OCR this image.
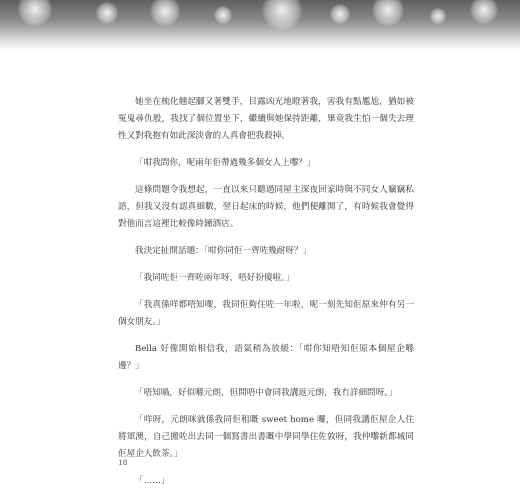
她坐在梳化翹起腳又著雙手，目露凶光地瞪著我，害我有點尷尬，猶如被冤鬼尋仇般，我找了個位置坐下，繼續與她保持距離，畢竟我生怕一個失去理性又對我抱有如此深淡會的人真會把我殺掉。

「咁我問你，呢兩年佢帶過幾多個女人上嚟？」

這條問題令我想起，一直以來只聽過同屋主深夜回家時與不同女人竊竊私語，但我又沒有認真細數，翌日起床的時候，他們便離開了，有時候我會覺得對他而言這裡比較像時鐘酒店。

我決定扯開話題：「咁你同佢一齊咗幾耐呀？」

「我同咗佢一齊咗兩年呀，唔好扮傻啦。」

「我真係咩都唔知㗎，我同佢夠住咗一年啦，呢一刻先知佢原來仲有另一個女朋友。」

Bella 好像開始相信我，語氣稍為放緩：「咁你知唔知佢原本個屋企喺邊？」

「唔知喎，好似喺元朗，但問唔中會同我講返元朗，我冇詳細問呀。」

「咩呀，元朗咪就係我同佢租嘅 sweet home 囉，但同我講佢屋企人住將軍澳，自己搬咗出去同一個寫書出書嘅中學同學住佐敦呀，我仲嚟新都城同佢屋企人飲茶。」

「……」

18
